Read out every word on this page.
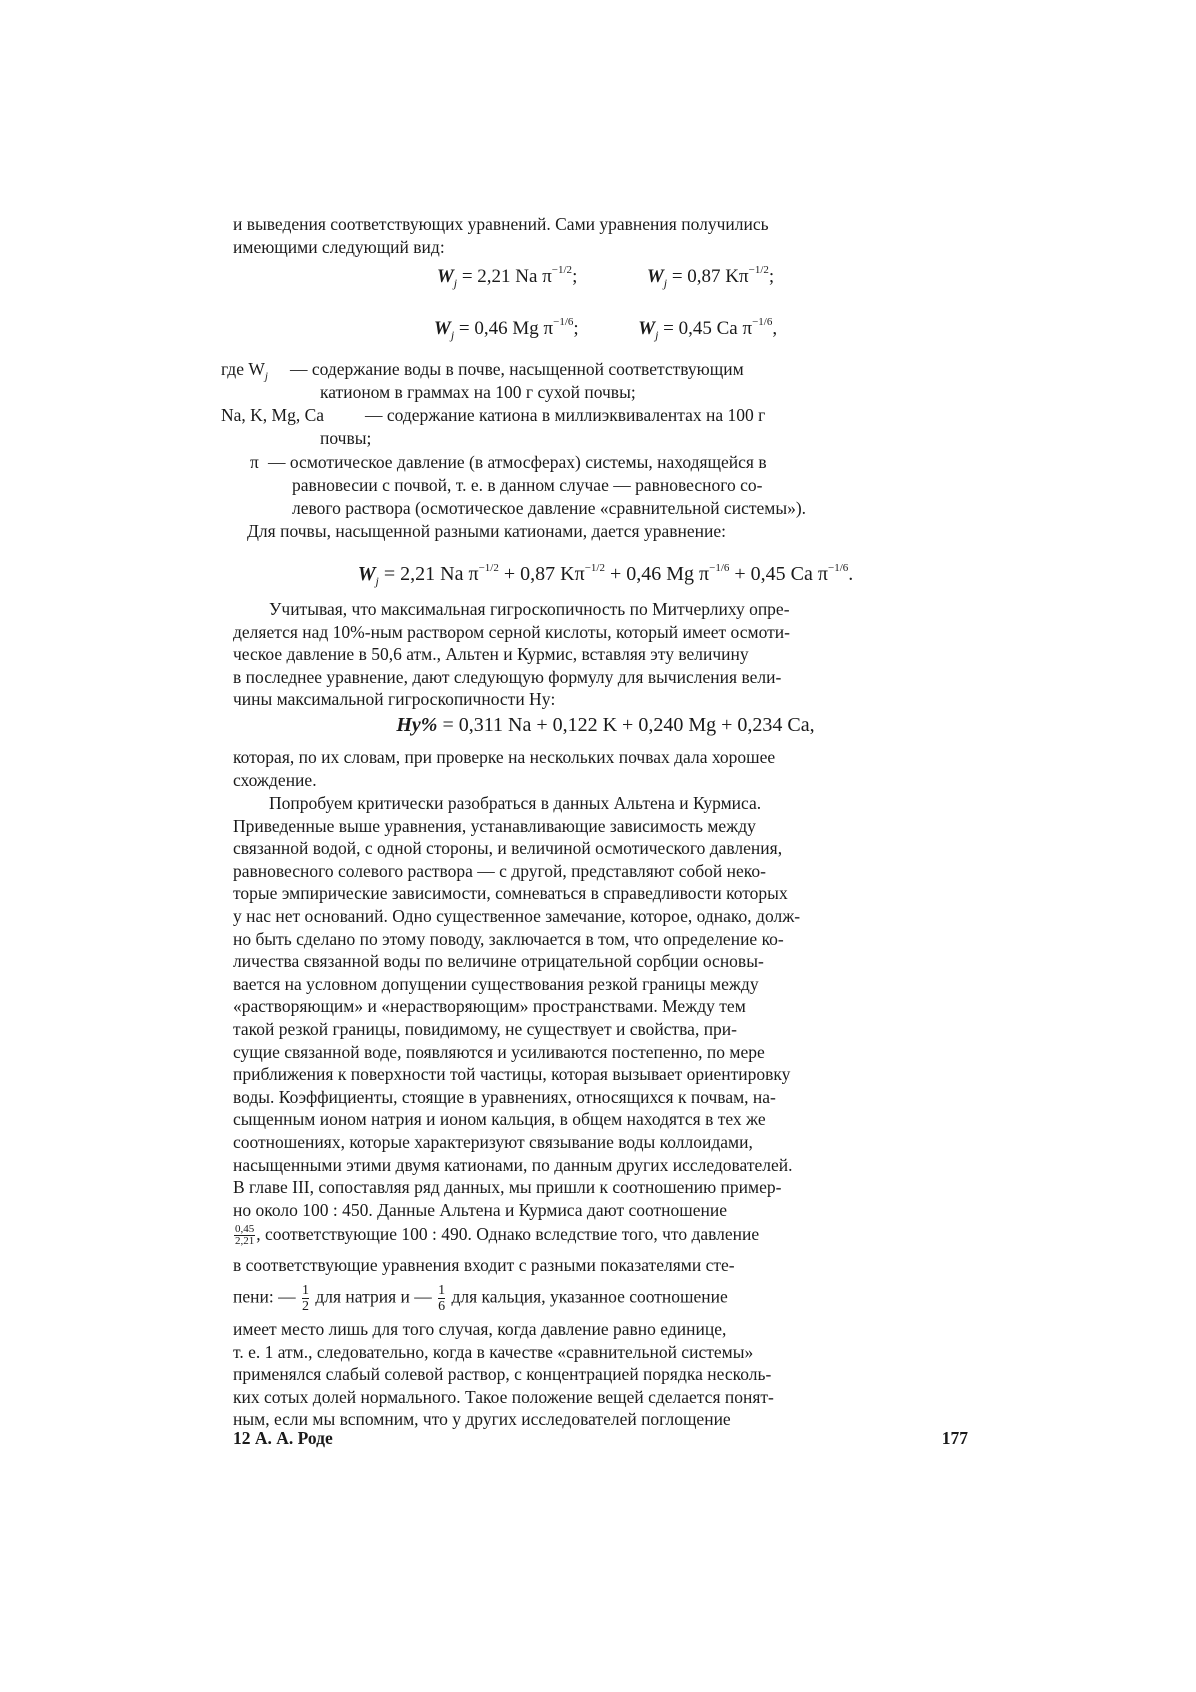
и выведения соответствующих уравнений. Сами уравнения получились
имеющими следующий вид:
$W_j = 2,21$ Na $\pi^{-1/2}$;	$W_j = 0,87$ $K\pi^{-1/2}$;
$W_j = 0,46$ Mg $\pi^{-1/6}$;	$W_j = 0,45$ Ca $\pi^{-1/6}$,
где $W_j$ — содержание воды в почве, насыщенной соответствующим
катионом в граммах на 100 г сухой почвы;
Na, K, Mg, Ca — содержание катиона в миллиэквивалентах на 100 г
почвы;
π — осмотическое давление (в атмосферах) системы, находящейся в
равновесии с почвой, т. е. в данном случае — равновесного со-
левого раствора (осмотическое давление «сравнительной системы»).
Для почвы, насыщенной разными катионами, дается уравнение:
$W_j = 2,21$ Na $\pi^{-1/2} + 0,87$ $K\pi^{-1/2} + 0,46$ Mg $\pi^{-1/6} + 0,45$ Ca $\pi^{-1/6}$.
Учитывая, что максимальная гигроскопичность по Митчерлиху опре-
деляется над 10%-ным раствором серной кислоты, который имеет осмоти-
ческое давление в 50,6 атм., Альтен и Курмис, вставляя эту величину
в последнее уравнение, дают следующую формулу для вычисления вели-
чины максимальной гигроскопичности Hy:
Hy% = 0,311 Na + 0,122 K + 0,240 Mg + 0,234 Ca,
которая, по их словам, при проверке на нескольких почвах дала хорошее
схождение.
Попробуем критически разобраться в данных Альтена и Курмиса.
Приведенные выше уравнения, устанавливающие зависимость между
связанной водой, с одной стороны, и величиной осмотического давления,
равновесного солевого раствора — с другой, представляют собой неко-
торые эмпирические зависимости, сомневаться в справедливости которых
у нас нет оснований. Одно существенное замечание, которое, однако, долж-
но быть сделано по этому поводу, заключается в том, что определение ко-
личества связанной воды по величине отрицательной сорбции основы-
вается на условном допущении существования резкой границы между
«растворяющим» и «нерастворяющим» пространствами. Между тем
такой резкой границы, повидимому, не существует и свойства, при-
сущие связанной воде, появляются и усиливаются постепенно, по мере
приближения к поверхности той частицы, которая вызывает ориентировку
воды. Коэффициенты, стоящие в уравнениях, относящихся к почвам, на-
сыщенным ионом натрия и ионом кальция, в общем находятся в тех же
соотношениях, которые характеризуют связывание воды коллоидами,
насыщенными этими двумя катионами, по данным других исследователей.
В главе III, сопоставляя ряд данных, мы пришли к соотношению пример-
но около 100 : 450. Данные Альтена и Курмиса дают соотношение
$\frac{0,45}{2,21}$ , соответствующие 100 : 490. Однако вследствие того, что давление
в соответствующие уравнения входит с разными показателями сте-
пени: — $\frac{1}{2}$ для натрия и — $\frac{1}{6}$ для кальция, указанное соотношение
имеет место лишь для того случая, когда давление равно единице,
т. е. 1 атм., следовательно, когда в качестве «сравнительной системы»
применялся слабый солевой раствор, с концентрацией порядка несколь-
ких сотых долей нормального. Такое положение вещей сделается понят-
ным, если мы вспомним, что у других исследователей поглощение
12 А. А. Роде	177
